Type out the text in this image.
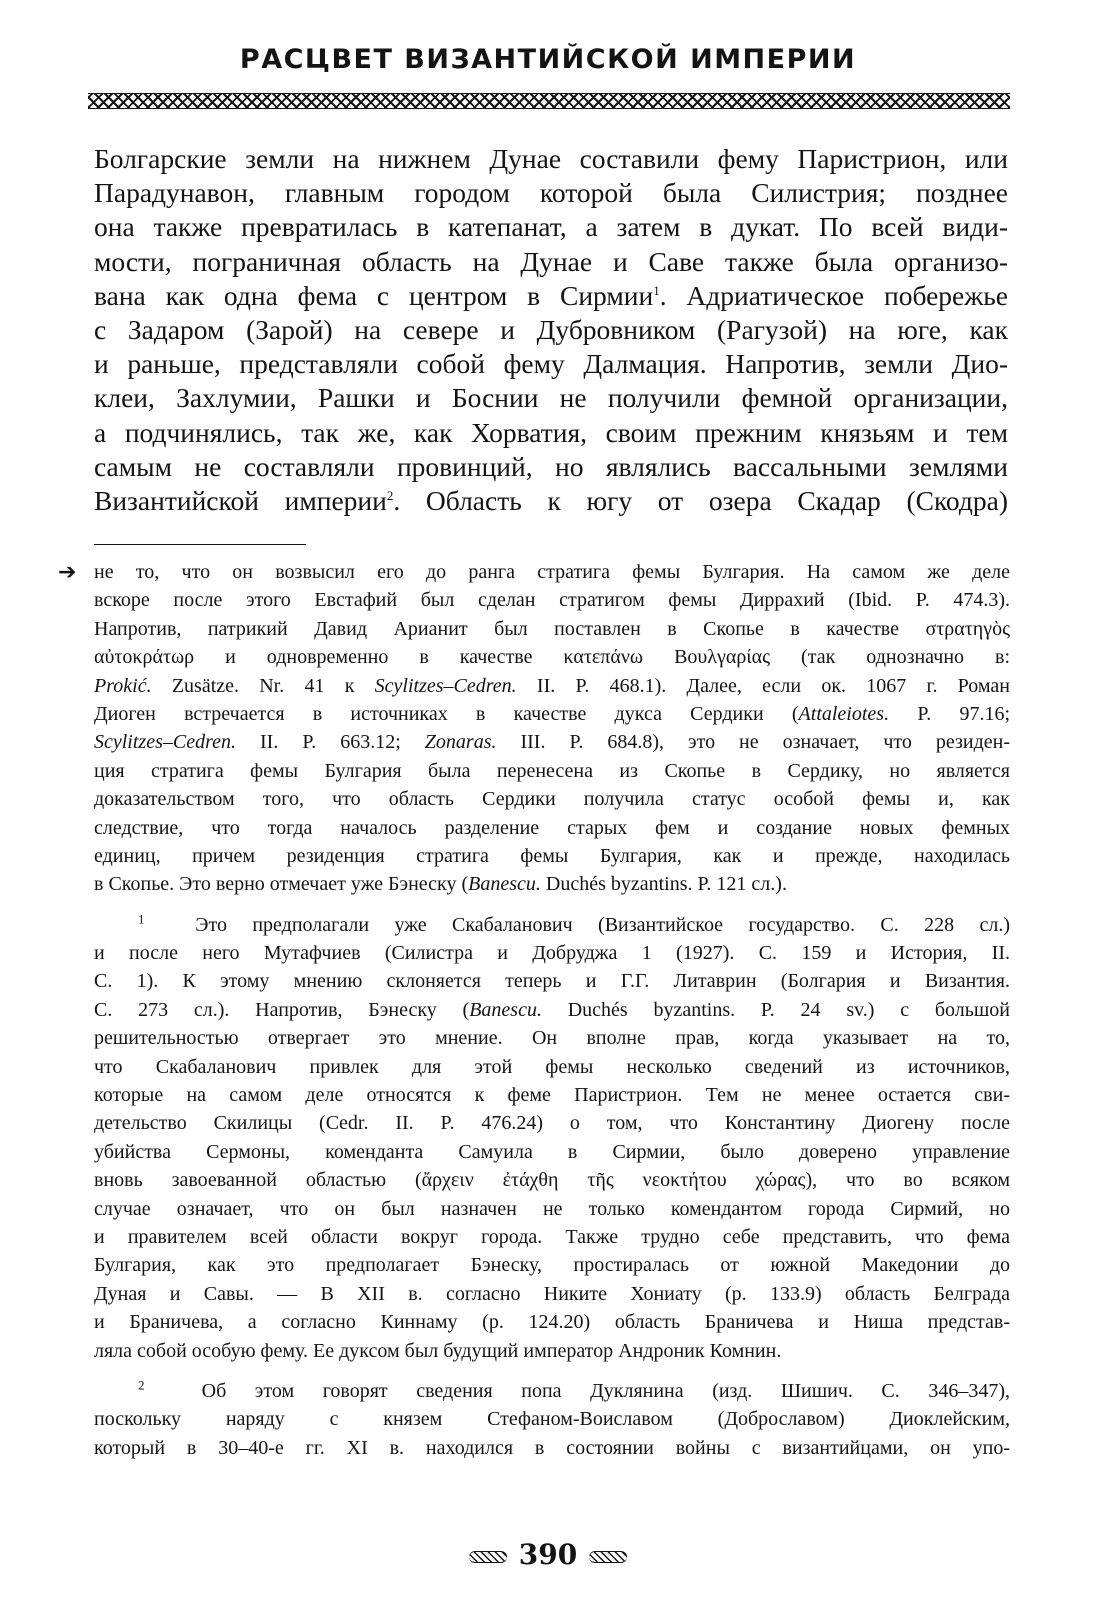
РАСЦВЕТ ВИЗАНТИЙСКОЙ ИМПЕРИИ
Болгарские земли на нижнем Дунае составили фему Паристрион, или
Парадунавон, главным городом которой была Силистрия; позднее
она также превратилась в катепанат, а затем в дукат. По всей види-
мости, пограничная область на Дунае и Саве также была организо-
вана как одна фема с центром в Сирмии$^1$. Адриатическое побережье
с Задаром (Зарой) на севере и Дубровником (Рагузой) на юге, как
и раньше, представляли собой фему Далмация. Напротив, земли Дио-
клеи, Захлумии, Рашки и Боснии не получили фемной организации,
а подчинялись, так же, как Хорватия, своим прежним князьям и тем
самым не составляли провинций, но являлись вассальными землями
Византийской империи$^2$. Область к югу от озера Скадар (Скодра)
➔ не то, что он возвысил его до ранга стратига фемы Булгария. На самом же деле
вскоре после этого Евстафий был сделан стратигом фемы Диррахий (Ibid. P. 474.3).
Напротив, патрикий Давид Арианит был поставлен в Скопье в качестве στρατηγὸς
αὐτοκράτωρ и одновременно в качестве κατεπάνω Βουλγαρίας (так однозначно в:
Prokić. Zusätze. Nr. 41 к Scylitzes–Cedren. II. P. 468.1). Далее, если ок. 1067 г. Роман
Диоген встречается в источниках в качестве дукса Сердики (Attaleiotes. P. 97.16;
Scylitzes–Cedren. II. P. 663.12; Zonaras. III. P. 684.8), это не означает, что резиден-
ция стратига фемы Булгария была перенесена из Скопье в Сердику, но является
доказательством того, что область Сердики получила статус особой фемы и, как
следствие, что тогда началось разделение старых фем и создание новых фемных
единиц, причем резиденция стратига фемы Булгария, как и прежде, находилась
в Скопье. Это верно отмечает уже Бэнеску (Banescu. Duchés byzantins. P. 121 сл.).
$^1$	Это предполагали уже Скабаланович (Византийское государство. С. 228 сл.)
и после него Мутафчиев (Силистра и Добруджа 1 (1927). С. 159 и История, II.
С. 1). К этому мнению склоняется теперь и Г.Г. Литаврин (Болгария и Византия.
С. 273 сл.). Напротив, Бэнеску (Banescu. Duchés byzantins. P. 24 sv.) с большой
решительностью отвергает это мнение. Он вполне прав, когда указывает на то,
что Скабаланович привлек для этой фемы несколько сведений из источников,
которые на самом деле относятся к феме Паристрион. Тем не менее остается сви-
детельство Скилицы (Cedr. II. P. 476.24) о том, что Константину Диогену после
убийства Сермоны, коменданта Самуила в Сирмии, было доверено управление
вновь завоеванной областью (ἄρχειν ἐτάχθη τῆς νεοκτήτου χώρας), что во всяком
случае означает, что он был назначен не только комендантом города Сирмий, но
и правителем всей области вокруг города. Также трудно себе представить, что фема
Булгария, как это предполагает Бэнеску, простиралась от южной Македонии до
Дуная и Савы. — В XII в. согласно Никите Хониату (р. 133.9) область Белграда
и Браничева, а согласно Киннаму (р. 124.20) область Браничева и Ниша представ-
ляла собой особую фему. Ее дуксом был будущий император Андроник Комнин.
$^2$	Об этом говорят сведения попа Дуклянина (изд. Шишич. С. 346–347),
поскольку наряду с князем Стефаном-Воиславом (Доброславом) Диоклейским,
который в 30–40-е гг. XI в. находился в состоянии войны с византийцами, он упо-
390
